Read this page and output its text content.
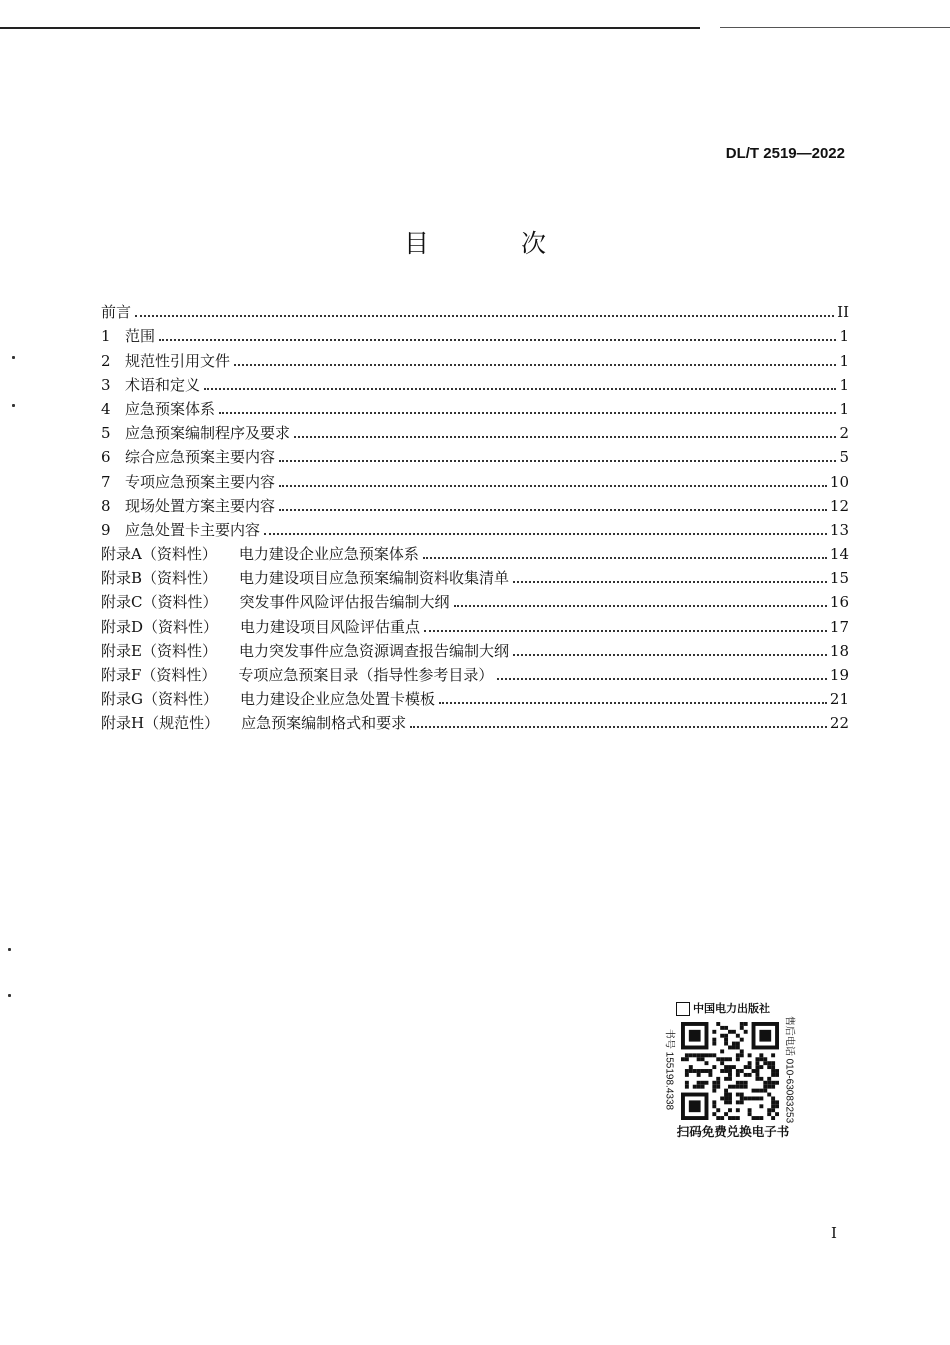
DL/T 2519—2022
目 次
前言	II
1 范围	1
2 规范性引用文件	1
3 术语和定义	1
4 应急预案体系	1
5 应急预案编制程序及要求	2
6 综合应急预案主要内容	5
7 专项应急预案主要内容	10
8 现场处置方案主要内容	12
9 应急处置卡主要内容	13
附录A（资料性） 电力建设企业应急预案体系	14
附录B（资料性） 电力建设项目应急预案编制资料收集清单	15
附录C（资料性） 突发事件风险评估报告编制大纲	16
附录D（资料性） 电力建设项目风险评估重点	17
附录E（资料性） 电力突发事件应急资源调查报告编制大纲	18
附录F（资料性） 专项应急预案目录（指导性参考目录）	19
附录G（资料性） 电力建设企业应急处置卡模板	21
附录H（规范性） 应急预案编制格式和要求	22
中国电力出版社
书号 155198.4338	售后电话 010-63083253
扫码免费兑换电子书
I
